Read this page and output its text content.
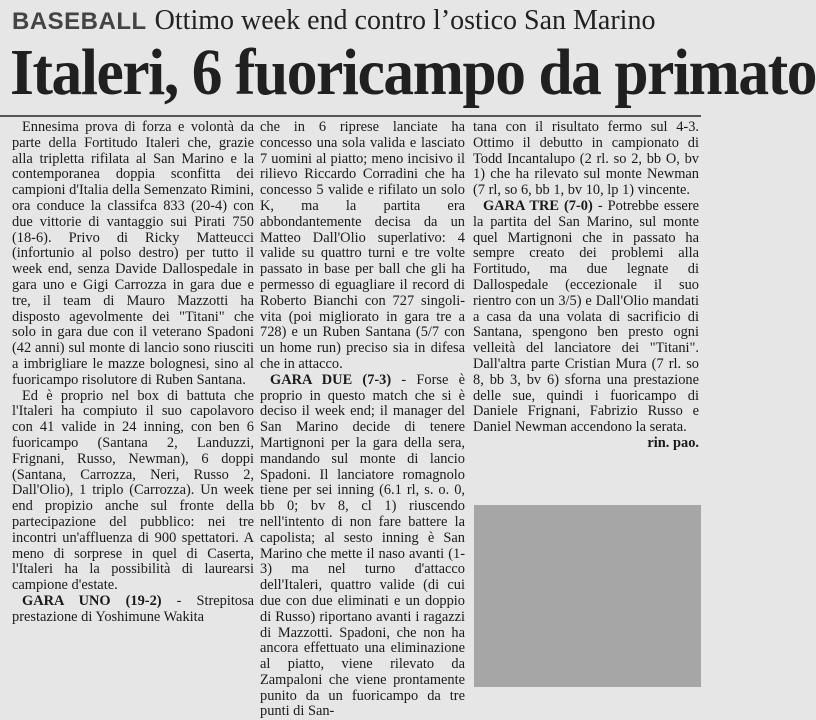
BASEBALL Ottimo week end contro l’ostico San Marino
Italeri, 6 fuoricampo da primato

Ennesima prova di forza e volontà da parte della Fortitudo Italeri che, grazie alla tripletta rifilata al San Marino e la contemporanea doppia sconfitta dei campioni d'Italia della Semenzato Rimini, ora conduce la classifca 833 (20-4) con due vittorie di vantaggio sui Pirati 750 (18-6). Privo di Ricky Matteucci (infortunio al polso destro) per tutto il week end, senza Davide Dallospedale in gara uno e Gigi Carrozza in gara due e tre, il team di Mauro Mazzotti ha disposto agevolmente dei "Titani" che solo in gara due con il veterano Spadoni (42 anni) sul monte di lancio sono riusciti a imbrigliare le mazze bolognesi, sino al fuoricampo risolutore di Ruben Santana.

Ed è proprio nel box di battuta che l'Italeri ha compiuto il suo capolavoro con 41 valide in 24 inning, con ben 6 fuoricampo (Santana 2, Landuzzi, Frignani, Russo, Newman), 6 doppi (Santana, Carrozza, Neri, Russo 2, Dall'Olio), 1 triplo (Carrozza). Un week end propizio anche sul fronte della partecipazione del pubblico: nei tre incontri un'affluenza di 900 spettatori. A meno di sorprese in quel di Caserta, l'Italeri ha la possibilità di laurearsi campione d'estate.

GARA UNO (19-2) - Strepitosa prestazione di Yoshimune Wakita

che in 6 riprese lanciate ha concesso una sola valida e lasciato 7 uomini al piatto; meno incisivo il rilievo Riccardo Corradini che ha concesso 5 valide e rifilato un solo K, ma la partita era abbondantemente decisa da un Matteo Dall'Olio superlativo: 4 valide su quattro turni e tre volte passato in base per ball che gli ha permesso di eguagliare il record di Roberto Bianchi con 727 singoli-vita (poi migliorato in gara tre a 728) e un Ruben Santana (5/7 con un home run) preciso sia in difesa che in attacco.

GARA DUE (7-3) - Forse è proprio in questo match che si è deciso il week end; il manager del San Marino decide di tenere Martignoni per la gara della sera, mandando sul monte di lancio Spadoni. Il lanciatore romagnolo tiene per sei inning (6.1 rl, s. o. 0, bb 0; bv 8, cl 1) riuscendo nell'intento di non fare battere la capolista; al sesto inning è San Marino che mette il naso avanti (1-3) ma nel turno d'attacco dell'Italeri, quattro valide (di cui due con due eliminati e un doppio di Russo) riportano avanti i ragazzi di Mazzotti. Spadoni, che non ha ancora effettuato una eliminazione al piatto, viene rilevato da Zampaloni che viene prontamente punito da un fuoricampo da tre punti di San-

tana con il risultato fermo sul 4-3. Ottimo il debutto in campionato di Todd Incantalupo (2 rl. so 2, bb O, bv 1) che ha rilevato sul monte Newman (7 rl, so 6, bb 1, bv 10, lp 1) vincente.

GARA TRE (7-0) - Potrebbe essere la partita del San Marino, sul monte quel Martignoni che in passato ha sempre creato dei problemi alla Fortitudo, ma due legnate di Dallospedale (eccezionale il suo rientro con un 3/5) e Dall'Olio mandati a casa da una volata di sacrificio di Santana, spengono ben presto ogni velleità del lanciatore dei "Titani". Dall'altra parte Cristian Mura (7 rl. so 8, bb 3, bv 6) sforna una prestazione delle sue, quindi i fuoricampo di Daniele Frignani, Fabrizio Russo e Daniel Newman accendono la serata.

rin. pao.
